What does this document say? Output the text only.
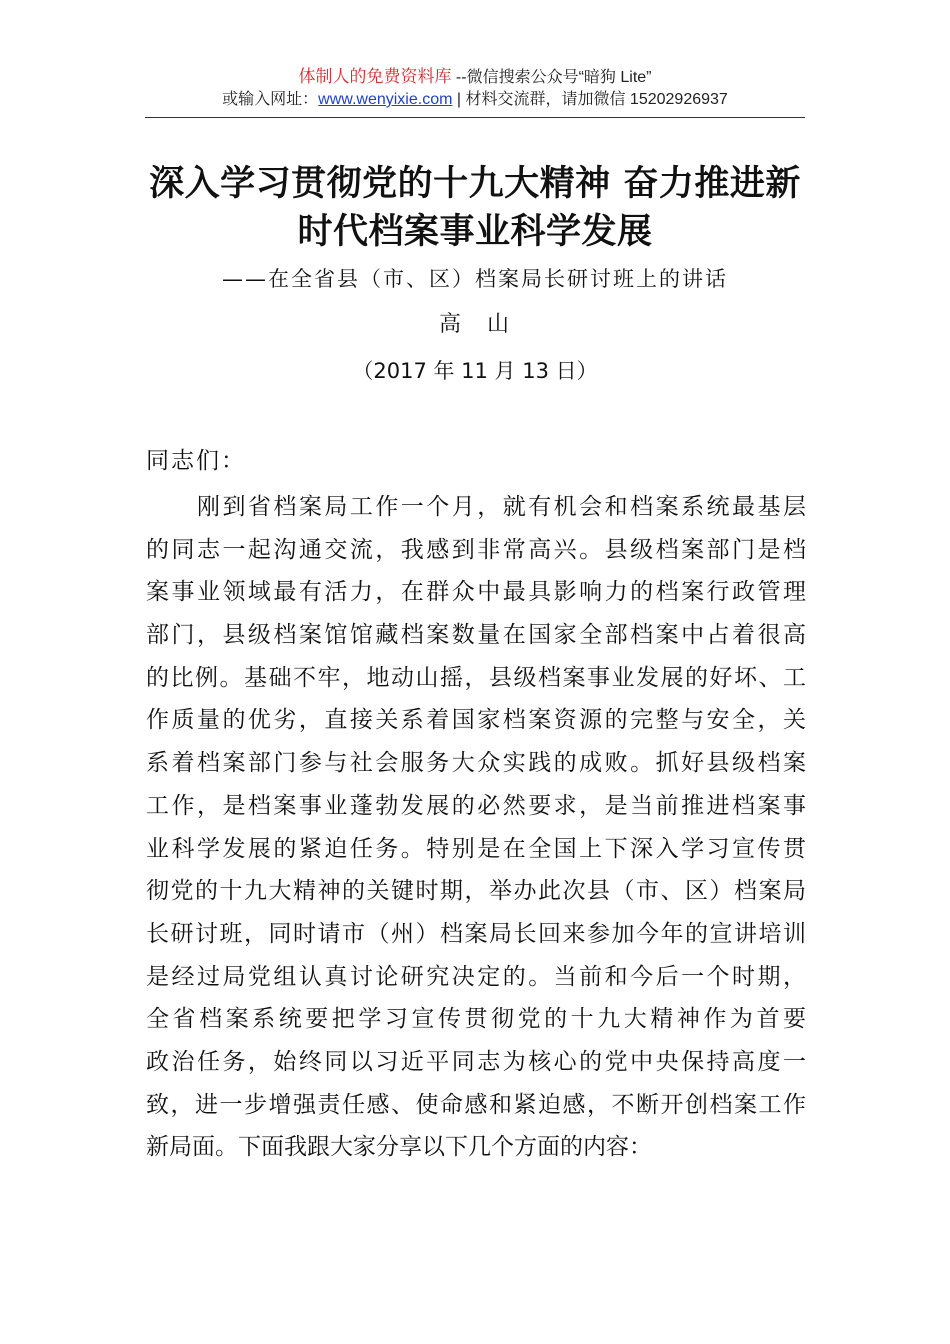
体制人的免费资料库 --微信搜索公众号“暗狗 Lite”
或输入网址：www.wenyixie.com | 材料交流群，请加微信 15202926937
深入学习贯彻党的十九大精神 奋力推进新
时代档案事业科学发展
——在全省县（市、区）档案局长研讨班上的讲话
高　山
（2017 年 11 月 13 日）
同志们：
　　刚到省档案局工作一个月，就有机会和档案系统最基层
的同志一起沟通交流，我感到非常高兴。县级档案部门是档
案事业领域最有活力，在群众中最具影响力的档案行政管理
部门，县级档案馆馆藏档案数量在国家全部档案中占着很高
的比例。基础不牢，地动山摇，县级档案事业发展的好坏、工
作质量的优劣，直接关系着国家档案资源的完整与安全，关
系着档案部门参与社会服务大众实践的成败。抓好县级档案
工作，是档案事业蓬勃发展的必然要求，是当前推进档案事
业科学发展的紧迫任务。特别是在全国上下深入学习宣传贯
彻党的十九大精神的关键时期，举办此次县（市、区）档案局
长研讨班，同时请市（州）档案局长回来参加今年的宣讲培训
是经过局党组认真讨论研究决定的。当前和今后一个时期，
全省档案系统要把学习宣传贯彻党的十九大精神作为首要
政治任务，始终同以习近平同志为核心的党中央保持高度一
致，进一步增强责任感、使命感和紧迫感，不断开创档案工作
新局面。下面我跟大家分享以下几个方面的内容：
